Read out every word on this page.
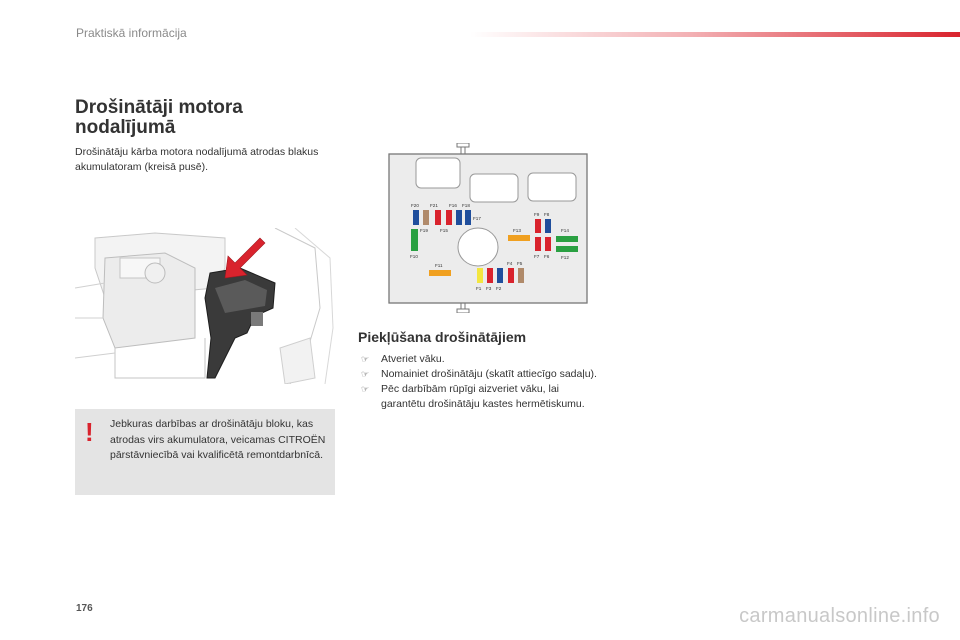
Praktiskā informācija
Drošinātāji motora
nodalījumā
Drošinātāju kārba motora nodalījumā atrodas blakus akumulatoram (kreisā pusē).
!	Jebkuras darbības ar drošinātāju bloku, kas atrodas virs akumulatora, veicamas CITROËN pārstāvniecībā vai kvalificētā remontdarbnīcā.
F20 F21 F16 F18
F17
F19	F15
F10
F11
F13
F9 F8
F14
F7 F6	F12
F4 F5
F1 F3 F2
Piekļūšana drošinātājiem
☞ Atveriet vāku.
☞ Nomainiet drošinātāju (skatīt attiecīgo sadaļu).
☞ Pēc darbībām rūpīgi aizveriet vāku, lai garantētu drošinātāju kastes hermētiskumu.
176	carmanualsonline.info
